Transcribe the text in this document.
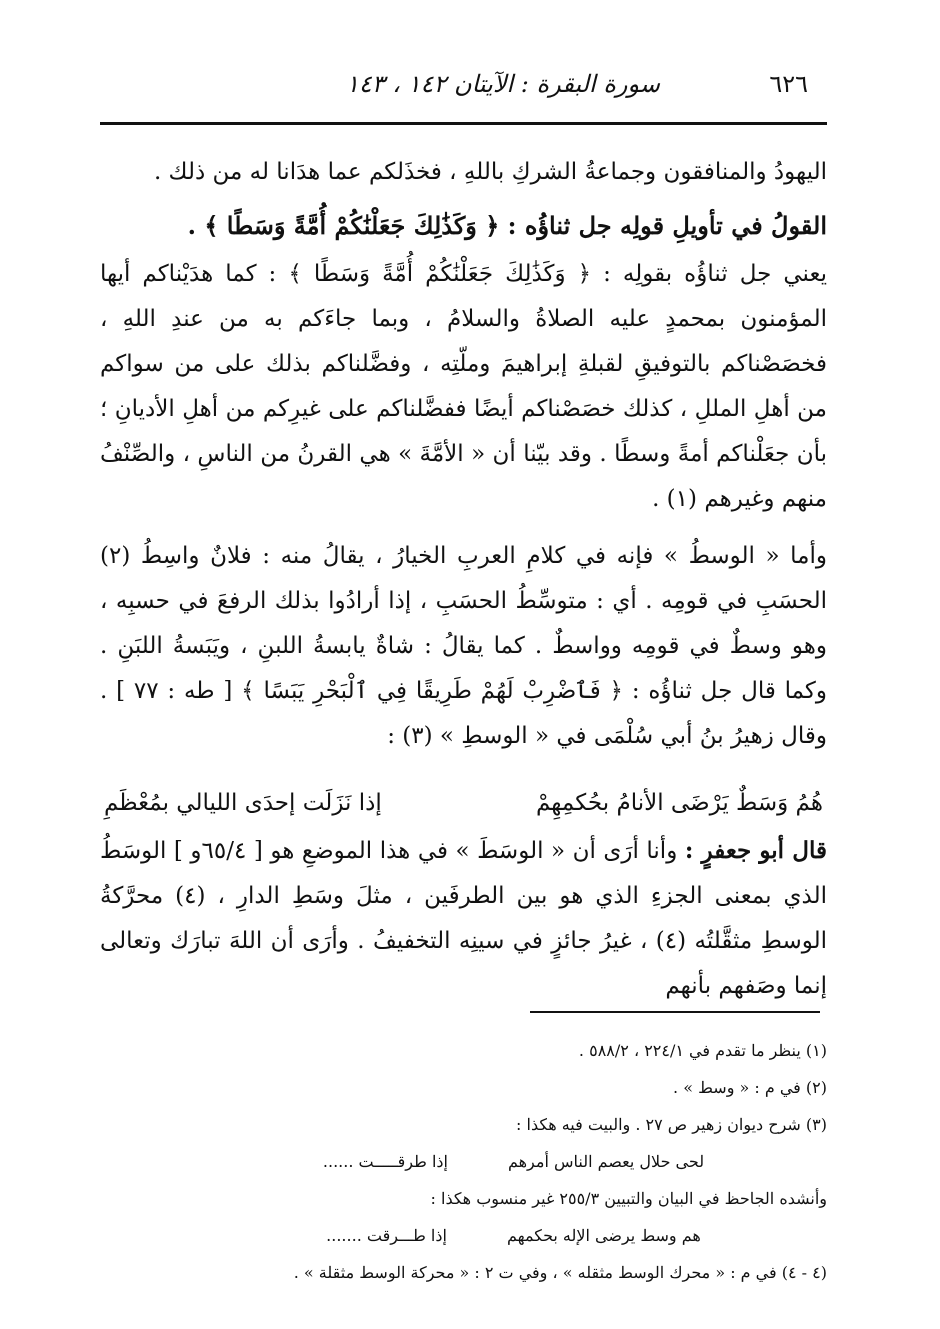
٦٢٦
سورة البقرة : الآيتان ١٤٢ ، ١٤٣

اليهودُ والمنافقون وجماعةُ الشركِ باللهِ ، فخذَلكم عما هدَانا له من ذلك .

القولُ في تأويلِ قولِه جل ثناؤُه : ﴿ وَكَذَٰلِكَ جَعَلْنَٰكُمْ أُمَّةً وَسَطًا ﴾ .

يعني جل ثناؤُه بقولِه : ﴿ وَكَذَٰلِكَ جَعَلْنَٰكُمْ أُمَّةً وَسَطًا ﴾ : كما هدَيْناكم أيها المؤمنون بمحمدٍ عليه الصلاةُ والسلامُ ، وبما جاءَكم به من عندِ اللهِ ، فخصَصْناكم بالتوفيقِ لقبلةِ إبراهيمَ وملّتِه ، وفضَّلناكم بذلك على من سواكم من أهلِ المللِ ، كذلك خصَصْناكم أيضًا ففضَّلناكم على غيرِكم من أهلِ الأديانِ ؛ بأن جعَلْناكم أمةً وسطًا . وقد بيّنا أن « الأمَّةَ » هي القرنُ من الناسِ ، والصِّنْفُ منهم وغيرهم (١) .

وأما « الوسطُ » فإنه في كلامِ العربِ الخيارُ ، يقالُ منه : فلانٌ واسِطُ (٢) الحسَبِ في قومِه . أي : متوسِّطُ الحسَبِ ، إذا أرادُوا بذلك الرفعَ في حسبِه ، وهو وسطٌ في قومِه وواسطٌ . كما يقالُ : شاةٌ يابسةُ اللبنِ ، ويَبَسةُ اللبَنِ . وكما قال جل ثناؤُه : ﴿ فَٱضْرِبْ لَهُمْ طَرِيقًا فِي ٱلْبَحْرِ يَبَسًا ﴾ [ طه : ٧٧ ] . وقال زهيرُ بنُ أبي سُلْمَى في « الوسطِ » (٣) :

هُمُ وَسَطٌ يَرْضَى الأنامُ بحُكمِهِمْ
إذا نَزَلَت إحدَى الليالي بمُعْظَمِ

قال أبو جعفرٍ : وأنا أرَى أن « الوسَطَ » في هذا الموضعِ هو [ ٦٥/٤و ] الوسَطُ الذي بمعنى الجزءِ الذي هو بين الطرفَين ، مثلَ وسَطِ الدارِ ، (٤) محرَّكةُ الوسطِ مثقَّلتُه (٤) ، غيرُ جائزٍ في سينِه التخفيفُ . وأرَى أن اللهَ تبارَك وتعالى إنما وصَفهم بأنهم

(١) ينظر ما تقدم في ٢٢٤/١ ، ٥٨٨/٢ .

(٢) في م : « وسط » .

(٣) شرح ديوان زهير ص ٢٧ . والبيت فيه هكذا :

لحى حلال يعصم الناس أمرهم
إذا طرقـــــت ......

وأنشده الجاحظ في البيان والتبيين ٢٥٥/٣ غير منسوب هكذا :

هم وسط يرضى الإله بحكمهم
إذا طـــرقت .......

(٤ - ٤) في م : « محرك الوسط مثقله » ، وفي ت ٢ : « محركة الوسط مثقلة » .
